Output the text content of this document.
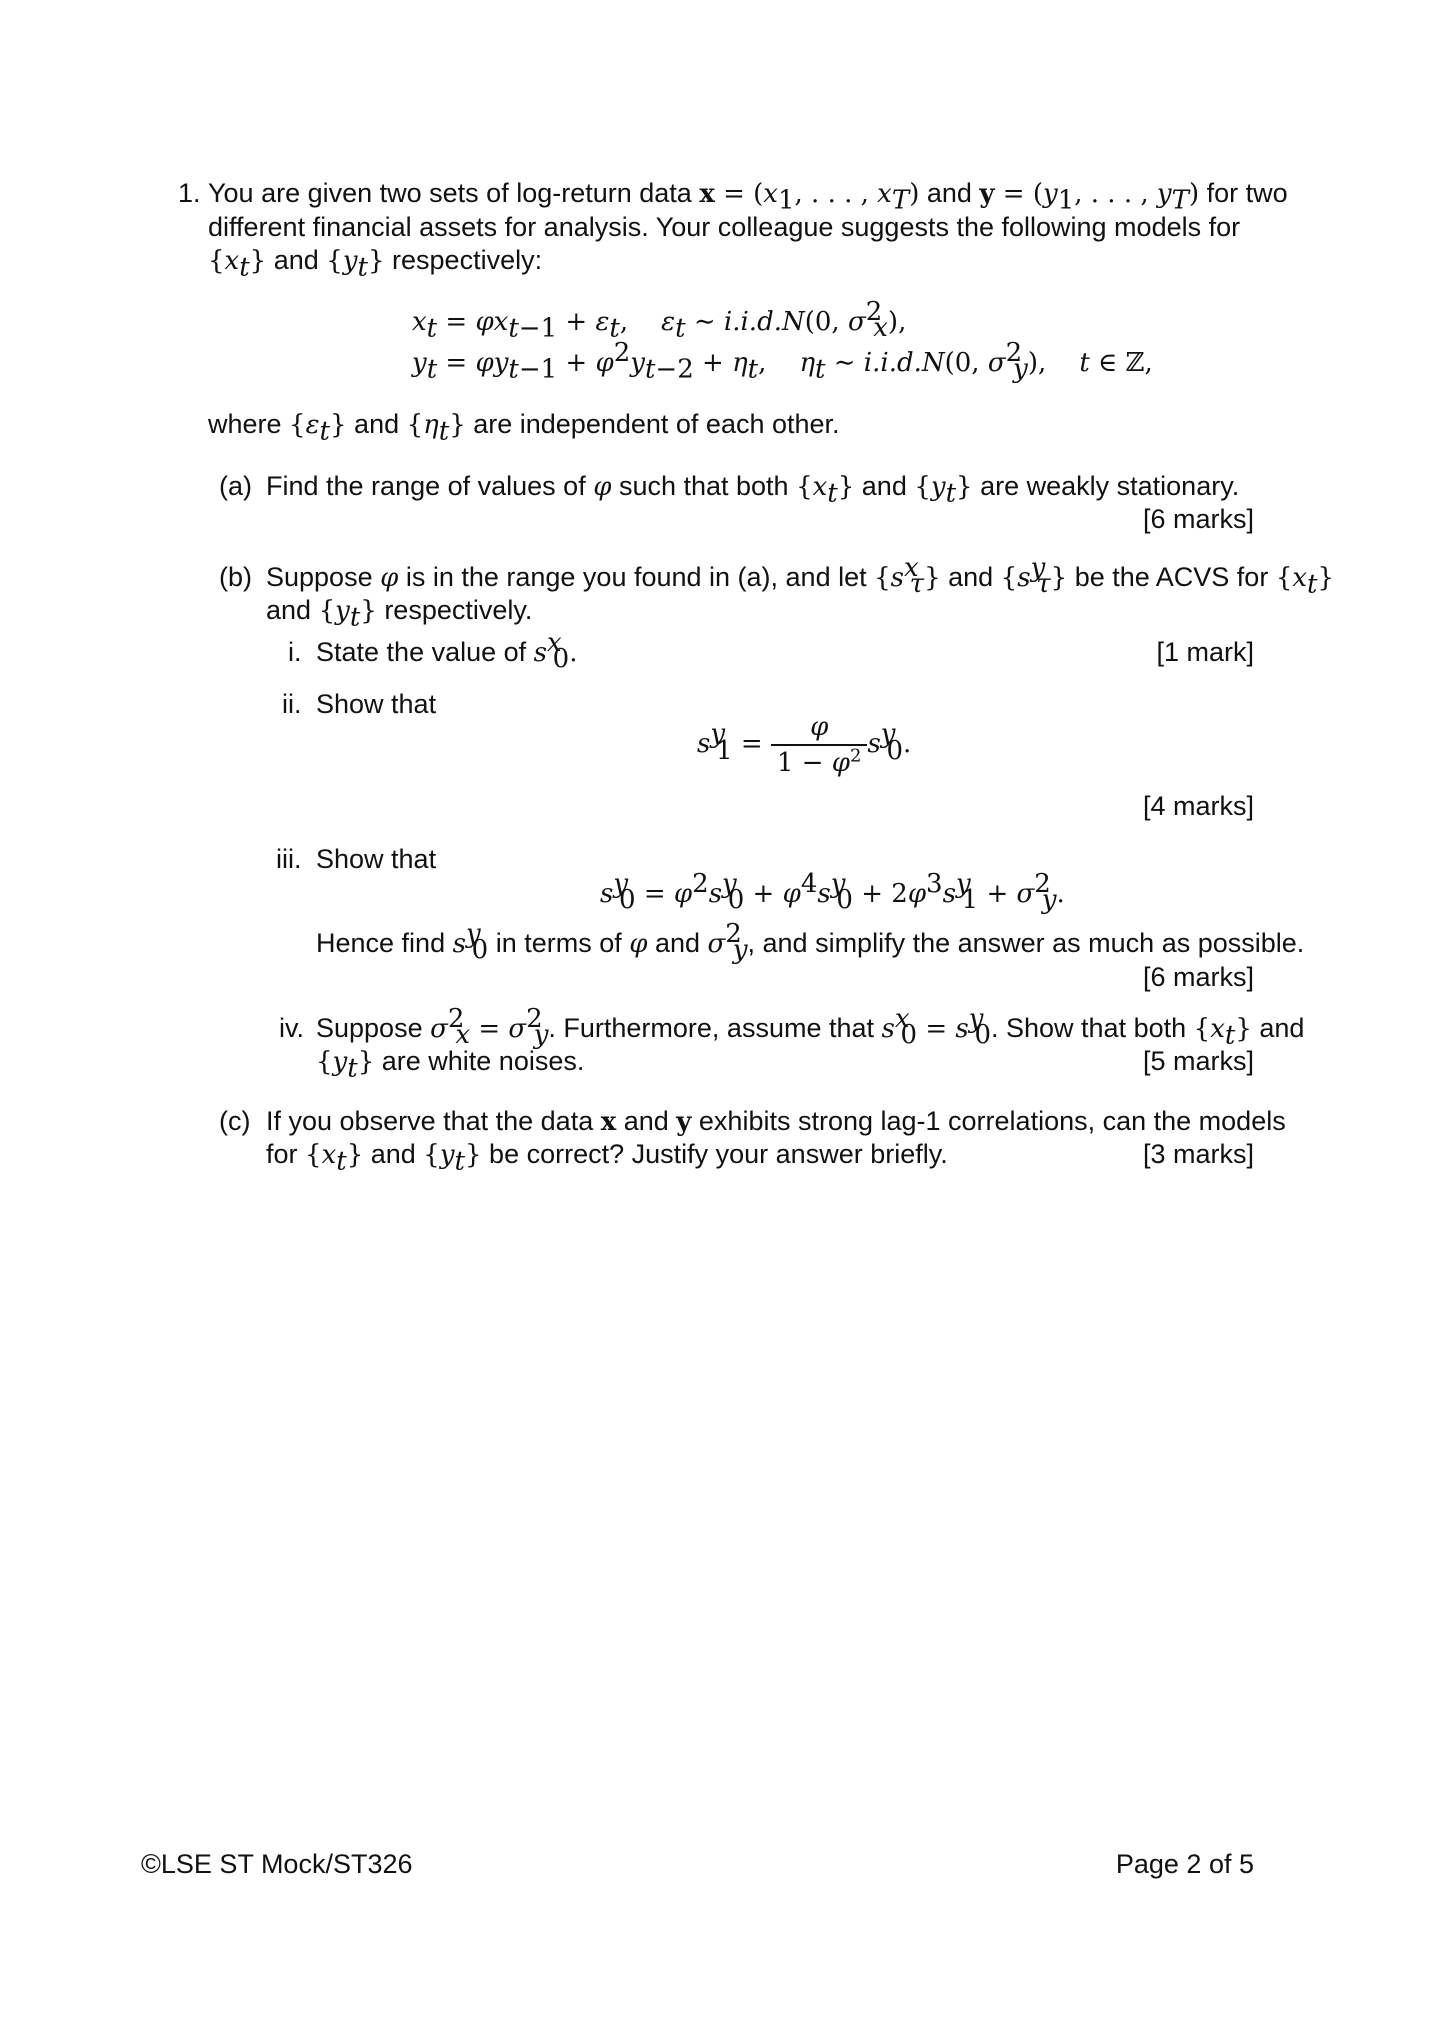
1. You are given two sets of log-return data $x = (x_1$, . . . , $x_T$) and $y = (y_1$, . . . , $y_T$) for two
different financial assets for analysis. Your colleague suggests the following models for
$\{x_t\}$ and $\{y_t\}$ respectively:
$x_t = \varphi x_{t-1} + \varepsilon_t$,    $\varepsilon_t$ ∼ i.i.d.N(0, $\sigma^2_x$),
$y_t = \varphi y_{t-1} + \varphi^2y_{t-2} + \eta_t$,    $\eta_t$ ∼ i.i.d.N(0, $\sigma^2_y$),    t ∈ ℤ,
where $\{\varepsilon_t\}$ and $\{\eta_t\}$ are independent of each other.
(a) Find the range of values of φ such that both $\{x_t\}$ and $\{y_t\}$ are weakly stationary.
[6 marks]
(b) Suppose φ is in the range you found in (a), and let $\{s^x_\tau\}$ and $\{s^y_\tau\}$ be the ACVS for $\{x_t\}$
and $\{y_t\}$ respectively.
i. State the value of $s^x_0$.	[1 mark]
ii. Show that
$s^y_1 = \frac{\varphi}{1 - \varphi^2} s^y_0$.
[4 marks]
iii. Show that
$s^y_0 = \varphi^2s^y_0 + \varphi^4s^y_0 + 2\varphi^3s^y_1 + \sigma^2_y$.
Hence find $s^y_0$ in terms of φ and $\sigma^2_y$, and simplify the answer as much as possible.
[6 marks]
iv. Suppose $\sigma^2_x = \sigma^2_y$. Furthermore, assume that $s^x_0 = s^y_0$. Show that both $\{x_t\}$ and
$\{y_t\}$ are white noises.	[5 marks]
(c) If you observe that the data x and y exhibits strong lag-1 correlations, can the models
for $\{x_t\}$ and $\{y_t\}$ be correct? Justify your answer briefly.	[3 marks]
©LSE ST Mock/ST326	Page 2 of 5
